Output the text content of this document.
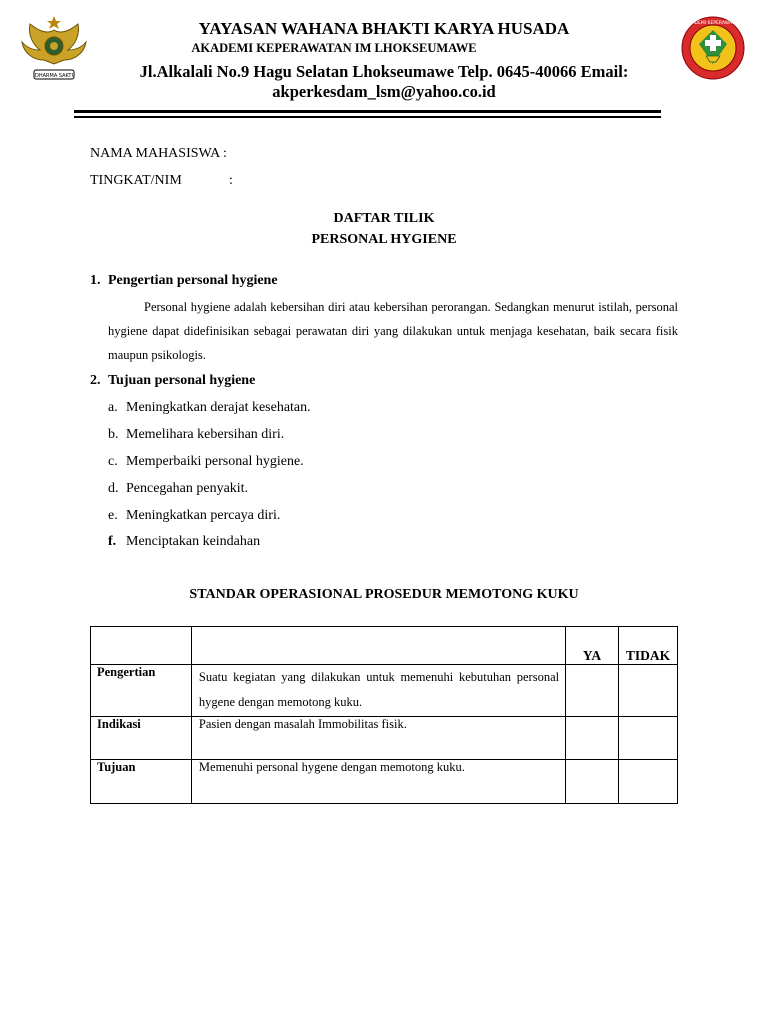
DHARMA SAKTI
AKADEMI KEPERAWATAN
YAYASAN WAHANA BHAKTI KARYA HUSADA
AKADEMI KEPERAWATAN IM LHOKSEUMAWE
Jl.Alkalali No.9 Hagu Selatan Lhokseumawe Telp. 0645-40066 Email:
akperkesdam_lsm@yahoo.co.id
NAMA MAHASISWA :
TINGKAT/NIM	:
DAFTAR TILIK
PERSONAL HYGIENE
1. Pengertian personal hygiene
Personal hygiene adalah kebersihan diri atau kebersihan perorangan. Sedangkan menurut istilah, personal hygiene dapat didefinisikan sebagai perawatan diri yang dilakukan untuk menjaga kesehatan, baik secara fisik maupun psikologis.
2. Tujuan personal hygiene
a. Meningkatkan derajat kesehatan.
b. Memelihara kebersihan diri.
c. Memperbaiki personal hygiene.
d. Pencegahan penyakit.
e. Meningkatkan percaya diri.
f. Menciptakan keindahan
STANDAR OPERASIONAL PROSEDUR MEMOTONG KUKU
		YA	TIDAK

Pengertian	Suatu kegiatan yang dilakukan untuk memenuhi kebutuhan personal hygene dengan memotong kuku.		

Indikasi	Pasien dengan masalah Immobilitas fisik.		

Tujuan	Memenuhi personal hygene dengan memotong kuku.		
